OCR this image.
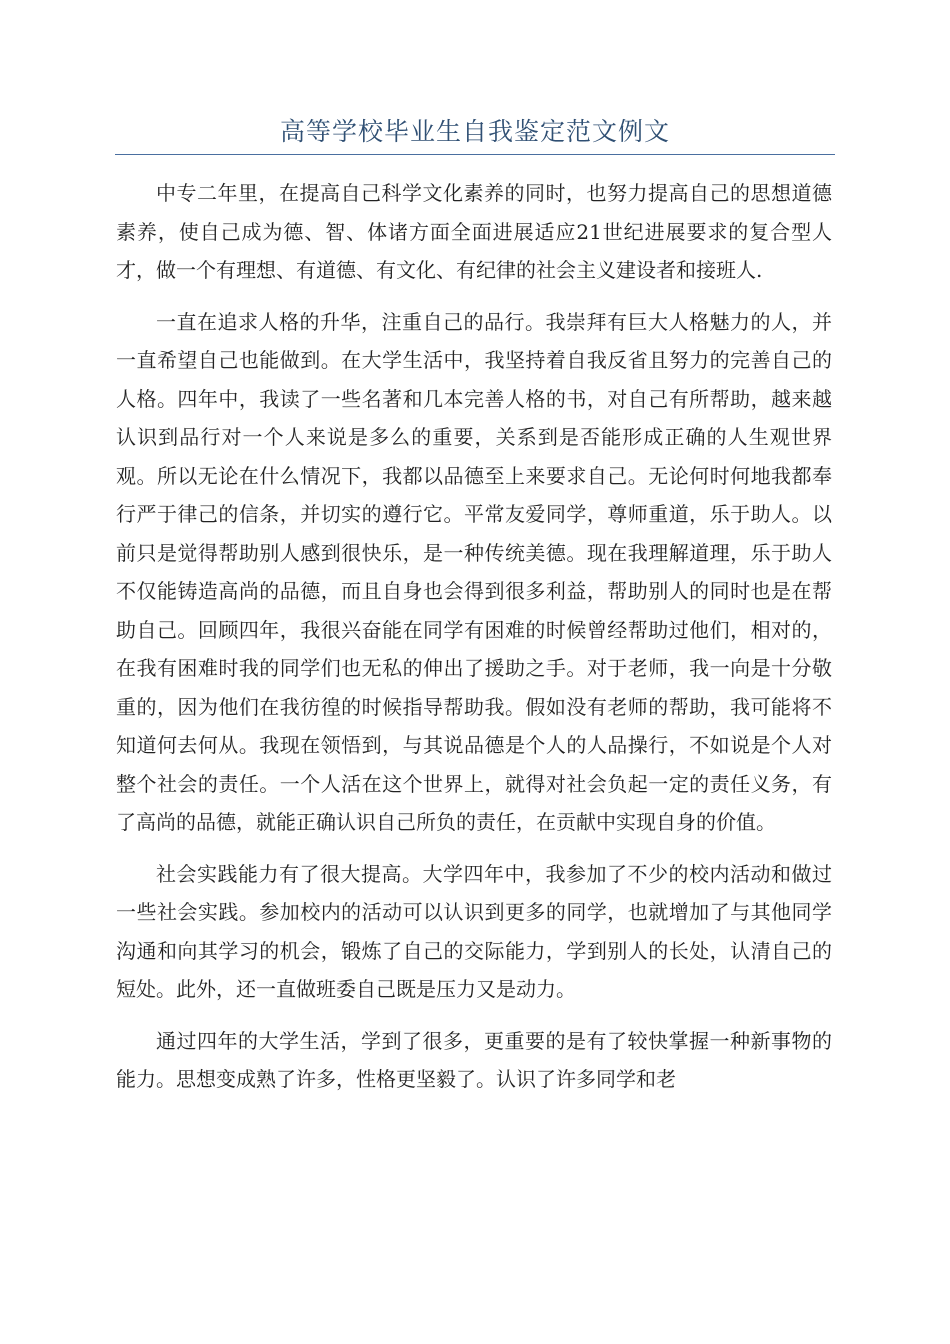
高等学校毕业生自我鉴定范文例文

中专二年里，在提高自己科学文化素养的同时，也努力提高自己的思想道德素养，使自己成为德、智、体诸方面全面进展适应21世纪进展要求的复合型人才，做一个有理想、有道德、有文化、有纪律的社会主义建设者和接班人.

一直在追求人格的升华，注重自己的品行。我崇拜有巨大人格魅力的人，并一直希望自己也能做到。在大学生活中，我坚持着自我反省且努力的完善自己的人格。四年中，我读了一些名著和几本完善人格的书，对自己有所帮助，越来越认识到品行对一个人来说是多么的重要，关系到是否能形成正确的人生观世界观。所以无论在什么情况下，我都以品德至上来要求自己。无论何时何地我都奉行严于律己的信条，并切实的遵行它。平常友爱同学，尊师重道，乐于助人。以前只是觉得帮助别人感到很快乐，是一种传统美德。现在我理解道理，乐于助人不仅能铸造高尚的品德，而且自身也会得到很多利益，帮助别人的同时也是在帮助自己。回顾四年，我很兴奋能在同学有困难的时候曾经帮助过他们，相对的，在我有困难时我的同学们也无私的伸出了援助之手。对于老师，我一向是十分敬重的，因为他们在我彷徨的时候指导帮助我。假如没有老师的帮助，我可能将不知道何去何从。我现在领悟到，与其说品德是个人的人品操行，不如说是个人对整个社会的责任。一个人活在这个世界上，就得对社会负起一定的责任义务，有了高尚的品德，就能正确认识自己所负的责任，在贡献中实现自身的价值。

社会实践能力有了很大提高。大学四年中，我参加了不少的校内活动和做过一些社会实践。参加校内的活动可以认识到更多的同学，也就增加了与其他同学沟通和向其学习的机会，锻炼了自己的交际能力，学到别人的长处，认清自己的短处。此外，还一直做班委自己既是压力又是动力。

通过四年的大学生活，学到了很多，更重要的是有了较快掌握一种新事物的能力。思想变成熟了许多，性格更坚毅了。认识了许多同学和老
